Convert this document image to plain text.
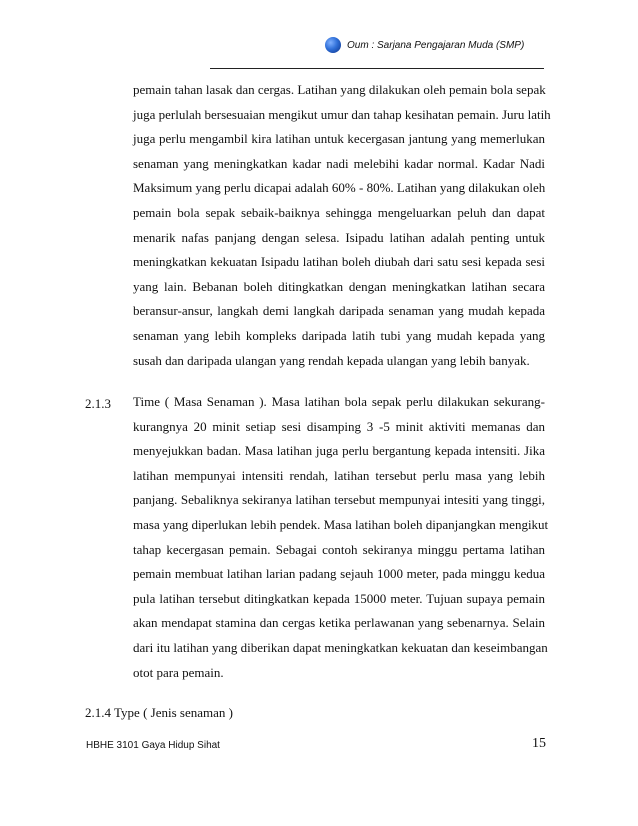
Oum : Sarjana Pengajaran Muda (SMP)
pemain tahan lasak dan cergas. Latihan yang dilakukan oleh pemain bola sepak
juga perlulah bersesuaian mengikut umur dan tahap kesihatan pemain. Juru latih
juga perlu mengambil kira latihan untuk kecergasan jantung yang memerlukan
senaman yang meningkatkan kadar nadi melebihi kadar normal. Kadar Nadi
Maksimum yang perlu dicapai adalah 60% - 80%. Latihan yang dilakukan oleh
pemain bola sepak sebaik-baiknya sehingga mengeluarkan peluh dan dapat
menarik nafas panjang dengan selesa. Isipadu latihan adalah penting untuk
meningkatkan kekuatan Isipadu latihan boleh diubah dari satu sesi kepada sesi
yang lain. Bebanan boleh ditingkatkan dengan meningkatkan latihan secara
beransur-ansur, langkah demi langkah daripada senaman yang mudah kepada
senaman yang lebih kompleks daripada latih tubi yang mudah kepada yang
susah dan daripada ulangan yang rendah kepada ulangan yang lebih banyak.
2.1.3 Time ( Masa Senaman ). Masa latihan bola sepak perlu dilakukan sekurang-
kurangnya 20 minit setiap sesi disamping 3 -5 minit aktiviti memanas dan
menyejukkan badan. Masa latihan juga perlu bergantung kepada intensiti. Jika
latihan mempunyai intensiti rendah, latihan tersebut perlu masa yang lebih
panjang. Sebaliknya sekiranya latihan tersebut mempunyai intesiti yang tinggi,
masa yang diperlukan lebih pendek. Masa latihan boleh dipanjangkan mengikut
tahap kecergasan pemain. Sebagai contoh sekiranya minggu pertama latihan
pemain membuat latihan larian padang sejauh 1000 meter, pada minggu kedua
pula latihan tersebut ditingkatkan kepada 15000 meter. Tujuan supaya pemain
akan mendapat stamina dan cergas ketika perlawanan yang sebenarnya. Selain
dari itu latihan yang diberikan dapat meningkatkan kekuatan dan keseimbangan
otot para pemain.
2.1.4 Type ( Jenis senaman )
HBHE 3101 Gaya Hidup Sihat	15
